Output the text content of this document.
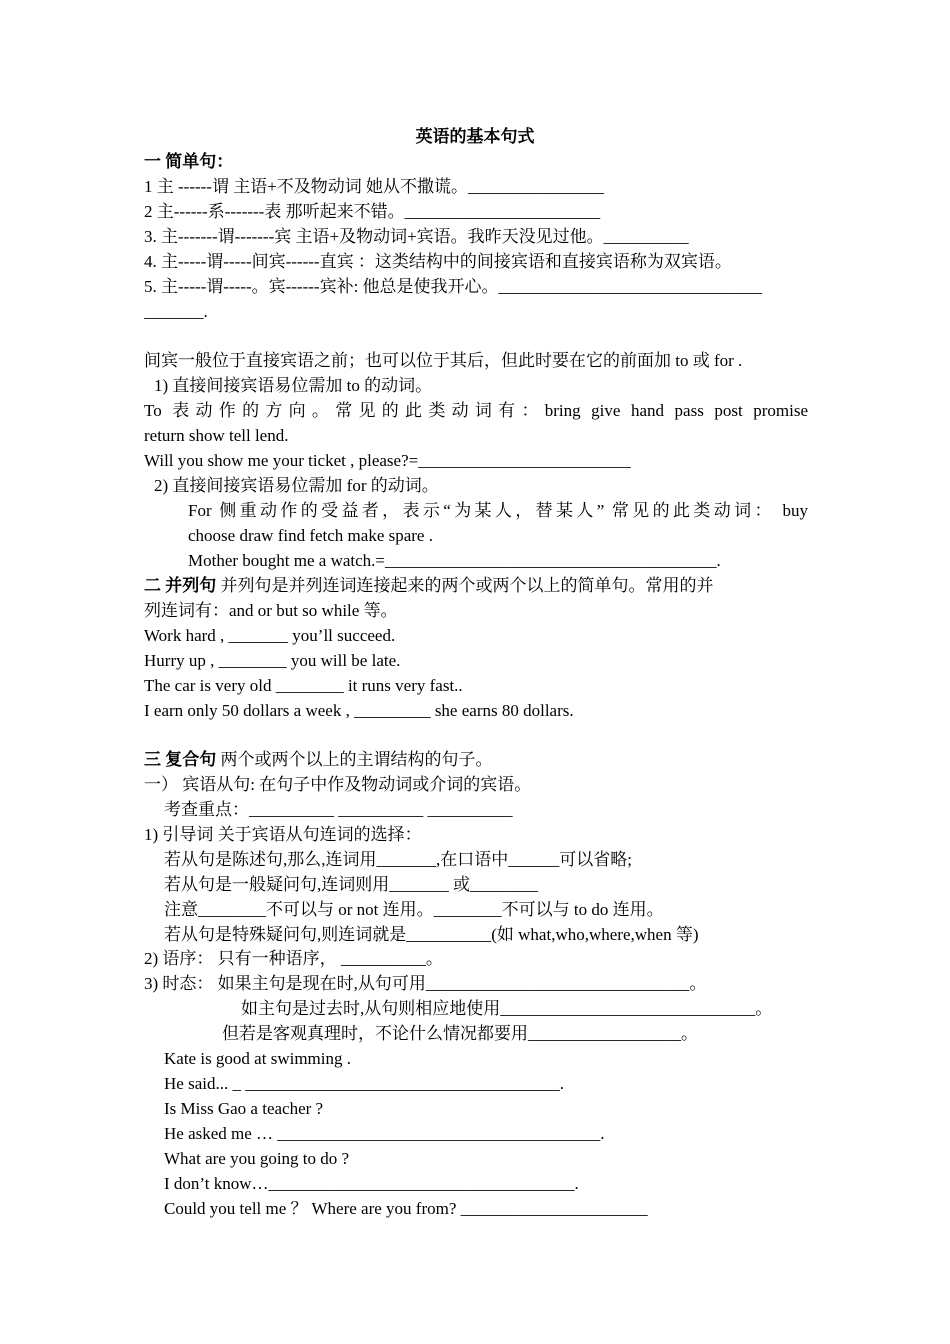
英语的基本句式
一 简单句：
1 主 ------谓 主语+不及物动词 她从不撒谎。________________
2 主------系-------表 那听起来不错。_______________________
3. 主-------谓-------宾 主语+及物动词+宾语。我昨天没见过他。__________
4. 主-----谓-----间宾------直宾 ：这类结构中的间接宾语和直接宾语称为双宾语。
5. 主-----谓-----。宾------宾补: 他总是使我开心。_______________________________
_______.
间宾一般位于直接宾语之前；也可以位于其后，但此时要在它的前面加 to 或 for .
1) 直接间接宾语易位需加 to 的动词。
To 表动作的方向。常见的此类动词有：bring give hand pass post promise
return show tell lend.
Will you show me your ticket , please?=_________________________
2) 直接间接宾语易位需加 for 的动词。
For 侧重动作的受益者，表示“为某人，替某人” 常见的此类动词： buy
choose draw find fetch make spare .
Mother bought me a watch.=_______________________________________.
二 并列句 并列句是并列连词连接起来的两个或两个以上的简单句。常用的并
列连词有：and or but so while 等。
Work hard , _______ you’ll succeed.
Hurry up , ________ you will be late.
The car is very old ________ it runs very fast..
I earn only 50 dollars a week , _________ she earns 80 dollars.
三 复合句 两个或两个以上的主谓结构的句子。
一） 宾语从句: 在句子中作及物动词或介词的宾语。
考查重点：__________ __________ __________
1) 引导词 关于宾语从句连词的选择：
若从句是陈述句,那么,连词用_______,在口语中______可以省略;
若从句是一般疑问句,连词则用_______ 或________
注意________不可以与 or not 连用。________不可以与 to do 连用。
若从句是特殊疑问句,则连词就是__________(如 what,who,where,when 等)
2) 语序： 只有一种语序， __________。
3) 时态： 如果主句是现在时,从句可用_______________________________。
如主句是过去时,从句则相应地使用______________________________。
但若是客观真理时，不论什么情况都要用__________________。
Kate is good at swimming .
He said... _ _____________________________________.
Is Miss Gao a teacher ?
He asked me … ______________________________________.
What are you going to do ?
I don’t know…____________________________________.
Could you tell me ？ Where are you from? ______________________
